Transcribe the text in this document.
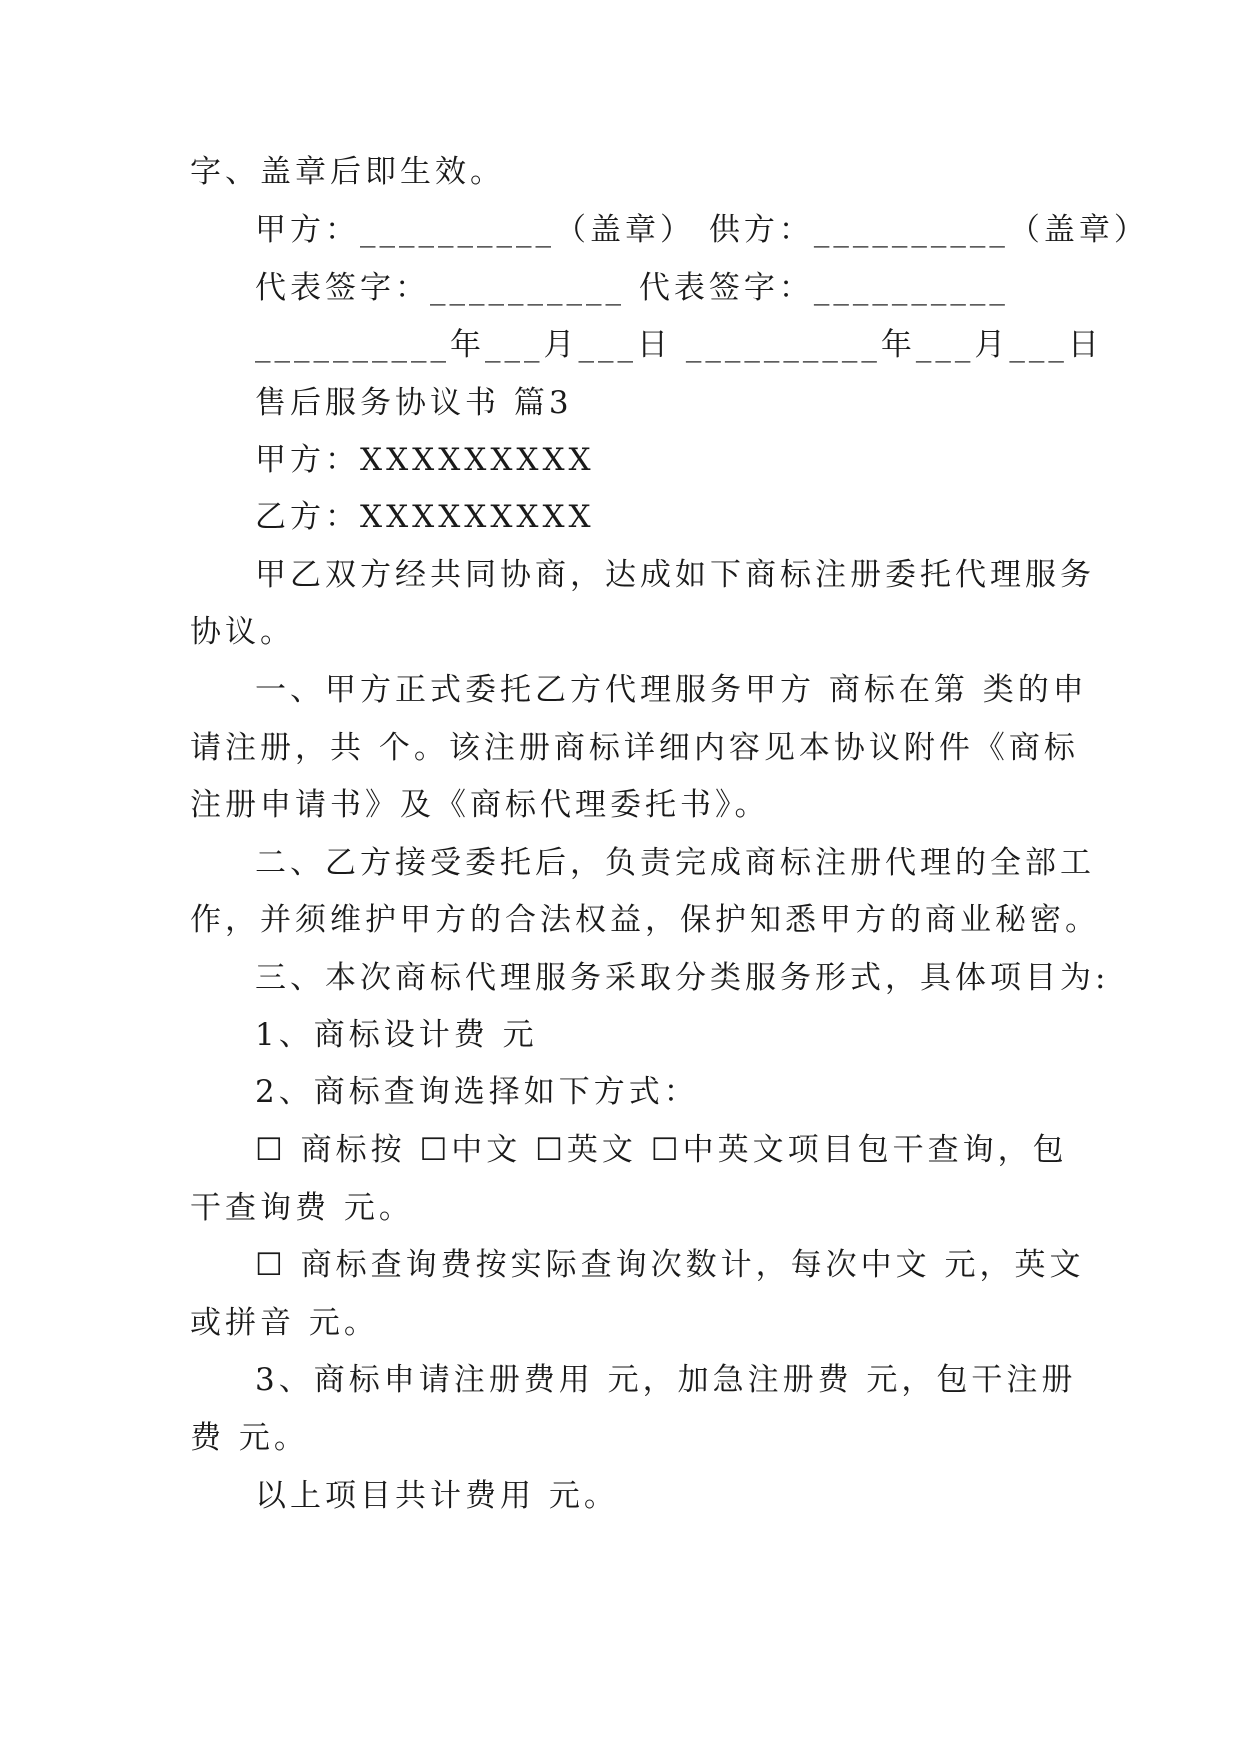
字、盖章后即生效。
甲方：__________（盖章） 供方：__________（盖章）
代表签字：__________ 代表签字：__________
__________年___月___日 __________年___月___日
售后服务协议书 篇3
甲方：XXXXXXXXX
乙方：XXXXXXXXX
甲乙双方经共同协商，达成如下商标注册委托代理服务
协议。
一、甲方正式委托乙方代理服务甲方 商标在第 类的申
请注册，共 个。该注册商标详细内容见本协议附件《商标
注册申请书》及《商标代理委托书》。
二、乙方接受委托后，负责完成商标注册代理的全部工
作，并须维护甲方的合法权益，保护知悉甲方的商业秘密。
三、本次商标代理服务采取分类服务形式，具体项目为:
1、商标设计费 元
2、商标查询选择如下方式：
☐ 商标按 ☐中文 ☐英文 ☐中英文项目包干查询，包
干查询费 元。
☐ 商标查询费按实际查询次数计，每次中文 元，英文
或拼音 元。
3、商标申请注册费用 元，加急注册费 元，包干注册
费 元。
以上项目共计费用 元。
